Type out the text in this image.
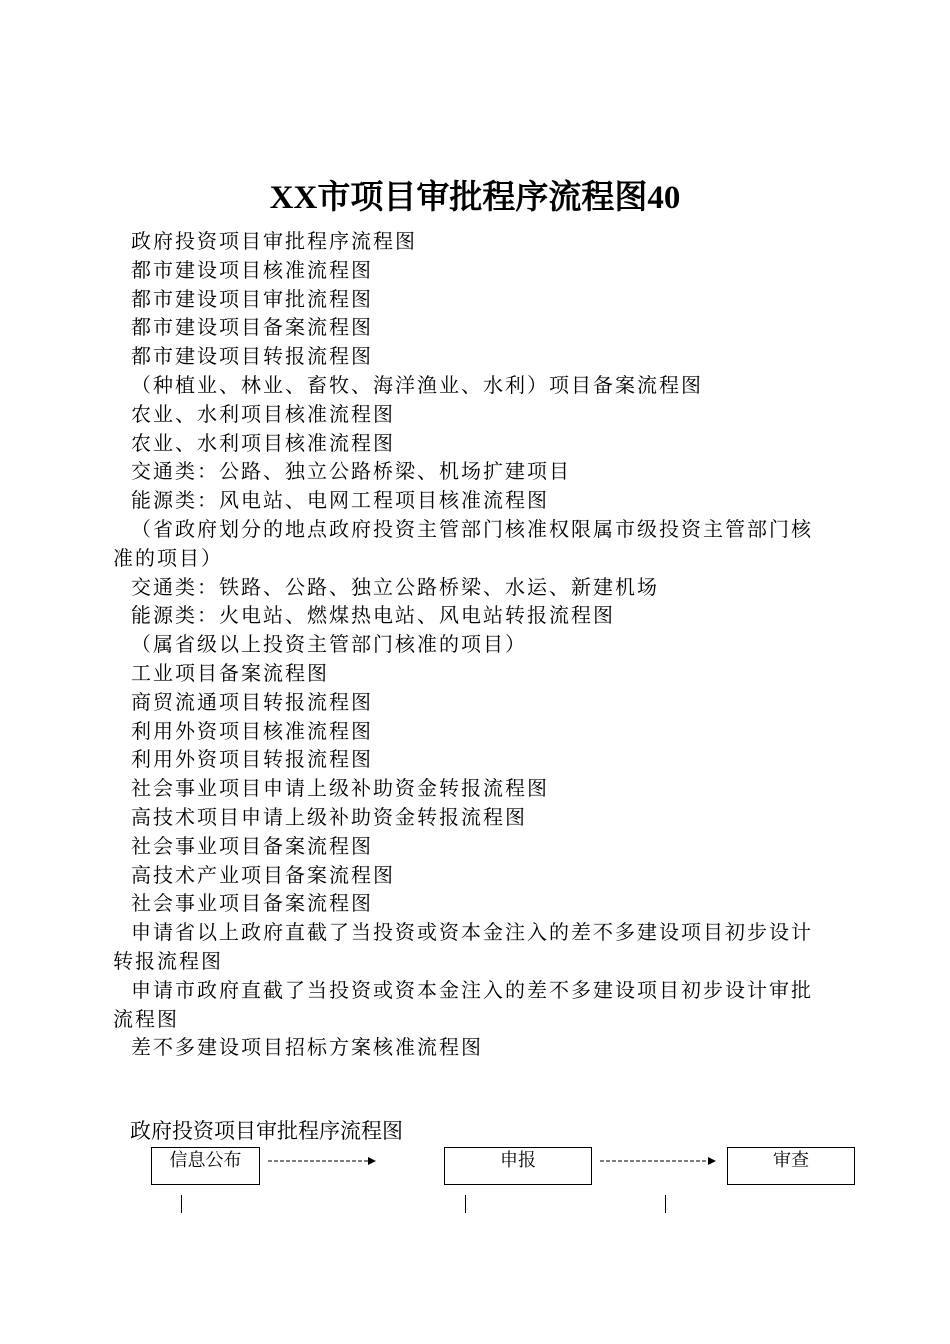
XX市项目审批程序流程图40
政府投资项目审批程序流程图
都市建设项目核准流程图
都市建设项目审批流程图
都市建设项目备案流程图
都市建设项目转报流程图
（种植业、林业、畜牧、海洋渔业、水利）项目备案流程图
农业、水利项目核准流程图
农业、水利项目核准流程图
交通类：公路、独立公路桥梁、机场扩建项目
能源类：风电站、电网工程项目核准流程图
（省政府划分的地点政府投资主管部门核准权限属市级投资主管部门核准的项目）
交通类：铁路、公路、独立公路桥梁、水运、新建机场
能源类：火电站、燃煤热电站、风电站转报流程图
（属省级以上投资主管部门核准的项目）
工业项目备案流程图
商贸流通项目转报流程图
利用外资项目核准流程图
利用外资项目转报流程图
社会事业项目申请上级补助资金转报流程图
高技术项目申请上级补助资金转报流程图
社会事业项目备案流程图
高技术产业项目备案流程图
社会事业项目备案流程图
申请省以上政府直截了当投资或资本金注入的差不多建设项目初步设计转报流程图
申请市政府直截了当投资或资本金注入的差不多建设项目初步设计审批流程图
差不多建设项目招标方案核准流程图
政府投资项目审批程序流程图
信息公布	申报	审查
